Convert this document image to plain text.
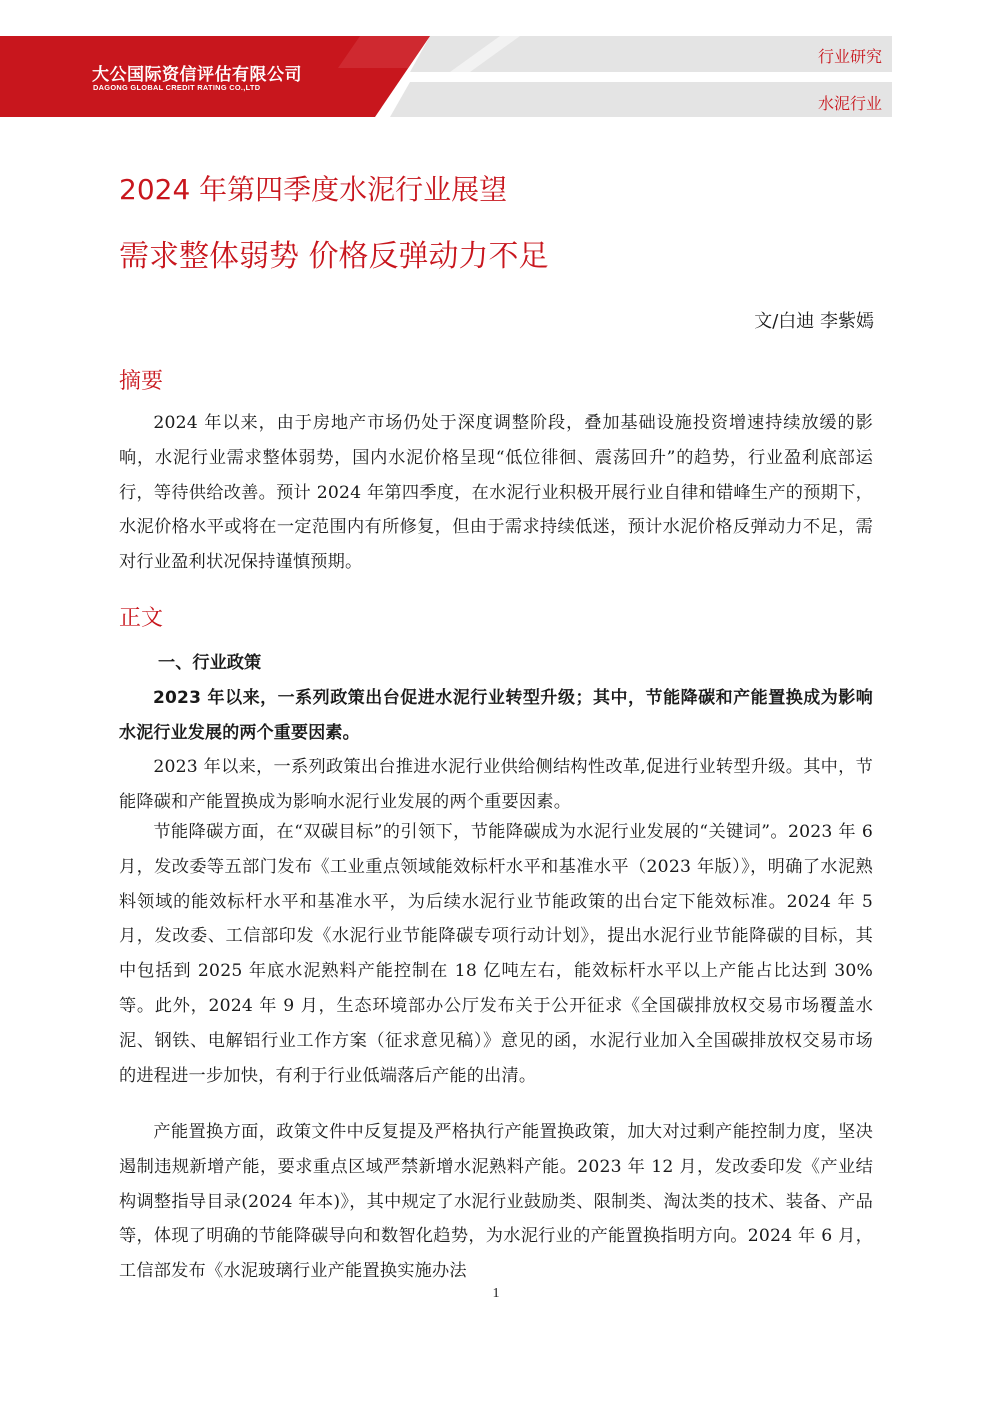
大公国际资信评估有限公司
DAGONG GLOBAL CREDIT RATING CO.,LTD
行业研究
水泥行业
2024 年第四季度水泥行业展望
需求整体弱势 价格反弹动力不足
文/白迪 李紫嫣
摘要

2024 年以来，由于房地产市场仍处于深度调整阶段，叠加基础设施投资增速持续放缓的影响，水泥行业需求整体弱势，国内水泥价格呈现“低位徘徊、震荡回升”的趋势，行业盈利底部运行，等待供给改善。预计 2024 年第四季度，在水泥行业积极开展行业自律和错峰生产的预期下，水泥价格水平或将在一定范围内有所修复，但由于需求持续低迷，预计水泥价格反弹动力不足，需对行业盈利状况保持谨慎预期。

正文
一、行业政策

2023 年以来，一系列政策出台促进水泥行业转型升级；其中，节能降碳和产能置换成为影响水泥行业发展的两个重要因素。

2023 年以来，一系列政策出台推进水泥行业供给侧结构性改革,促进行业转型升级。其中，节能降碳和产能置换成为影响水泥行业发展的两个重要因素。

节能降碳方面，在“双碳目标”的引领下，节能降碳成为水泥行业发展的“关键词”。2023 年 6 月，发改委等五部门发布《工业重点领域能效标杆水平和基准水平（2023 年版）》，明确了水泥熟料领域的能效标杆水平和基准水平，为后续水泥行业节能政策的出台定下能效标准。2024 年 5 月，发改委、工信部印发《水泥行业节能降碳专项行动计划》，提出水泥行业节能降碳的目标，其中包括到 2025 年底水泥熟料产能控制在 18 亿吨左右，能效标杆水平以上产能占比达到 30%等。此外，2024 年 9 月，生态环境部办公厅发布关于公开征求《全国碳排放权交易市场覆盖水泥、钢铁、电解铝行业工作方案（征求意见稿）》意见的函，水泥行业加入全国碳排放权交易市场的进程进一步加快，有利于行业低端落后产能的出清。

产能置换方面，政策文件中反复提及严格执行产能置换政策，加大对过剩产能控制力度，坚决遏制违规新增产能，要求重点区域严禁新增水泥熟料产能。2023 年 12 月，发改委印发《产业结构调整指导目录(2024 年本)》，其中规定了水泥行业鼓励类、限制类、淘汰类的技术、装备、产品等，体现了明确的节能降碳导向和数智化趋势，为水泥行业的产能置换指明方向。2024 年 6 月，工信部发布《水泥玻璃行业产能置换实施办法

1
